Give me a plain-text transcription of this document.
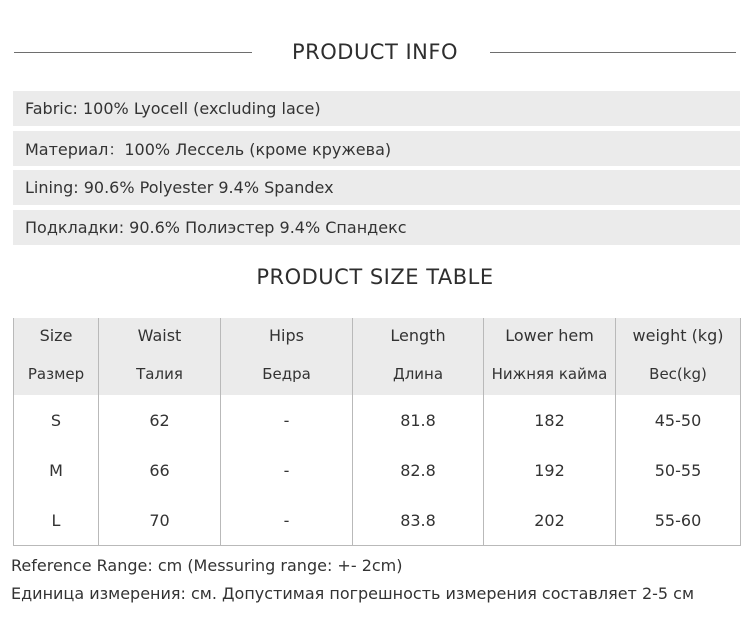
PRODUCT INFO
Fabric: 100% Lyocell (excluding lace)
Материал：100% Лессель (кроме кружева)
Lining: 90.6% Polyester 9.4% Spandex
Подкладки: 90.6% Полиэстер 9.4% Спандекс
PRODUCT SIZE TABLE
Size	Waist	Hips	Length	Lower hem	weight (kg)
Размер	Талия	Бедра	Длина	Нижняя кайма	Вес(kg)
S	62	-	81.8	182	45-50
M	66	-	82.8	192	50-55
L	70	-	83.8	202	55-60
Reference Range: cm (Messuring range: +- 2cm)
Единица измерения: см. Допустимая погрешность измерения составляет 2-5 см
